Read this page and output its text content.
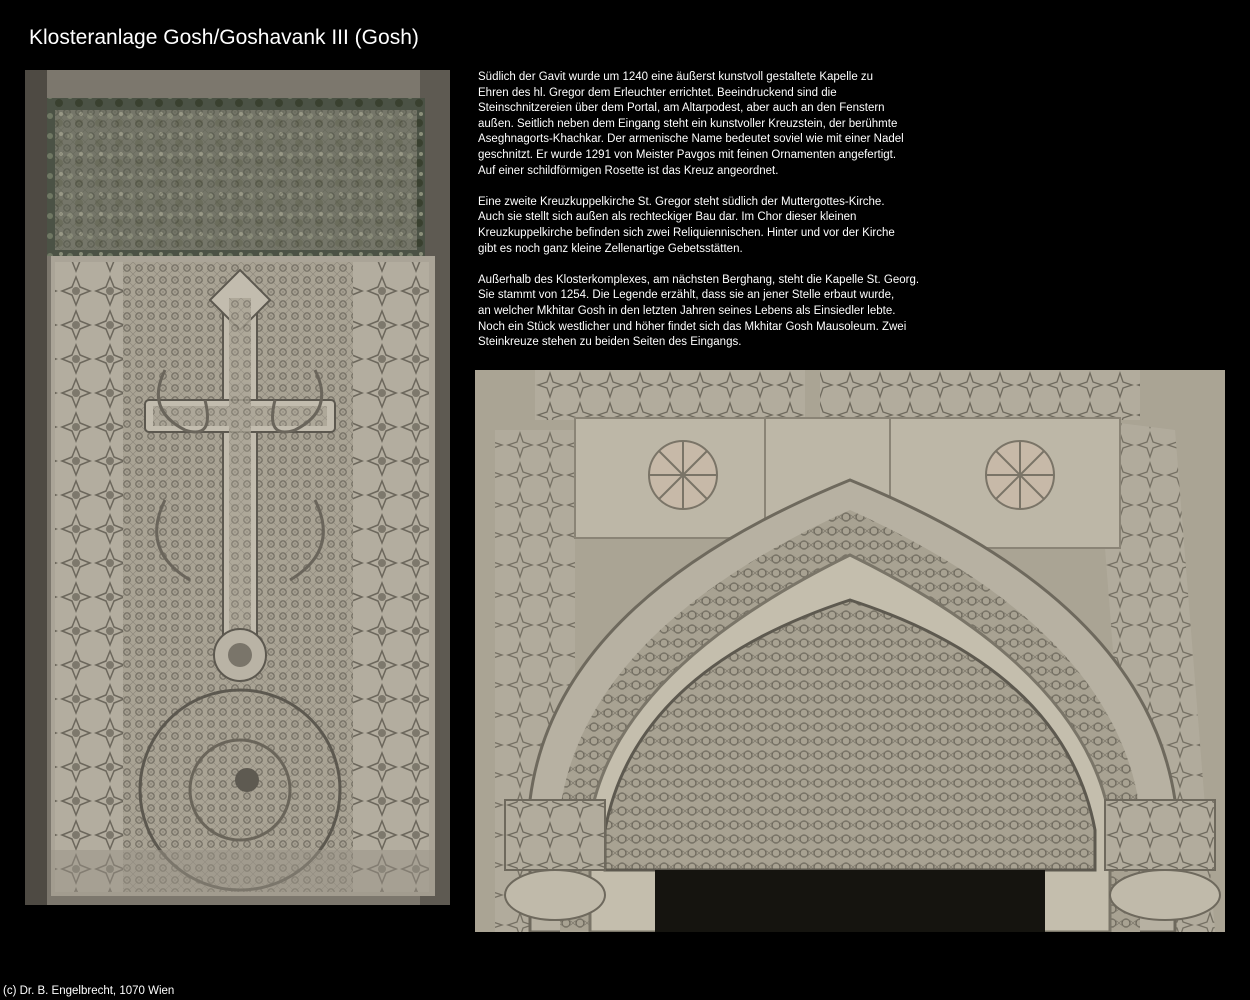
Klosteranlage Gosh/Goshavank III (Gosh)

Südlich der Gavit wurde um 1240 eine äußerst kunstvoll gestaltete Kapelle zu
Ehren des hl. Gregor dem Erleuchter errichtet. Beeindruckend sind die
Steinschnitzereien über dem Portal, am Altarpodest, aber auch an den Fenstern
außen. Seitlich neben dem Eingang steht ein kunstvoller Kreuzstein, der berühmte
Aseghnagorts-Khachkar. Der armenische Name bedeutet soviel wie mit einer Nadel
geschnitzt. Er wurde 1291 von Meister Pavgos mit feinen Ornamenten angefertigt.
Auf einer schildförmigen Rosette ist das Kreuz angeordnet.

Eine zweite Kreuzkuppelkirche St. Gregor steht südlich der Muttergottes-Kirche.
Auch sie stellt sich außen als rechteckiger Bau dar. Im Chor dieser kleinen
Kreuzkuppelkirche befinden sich zwei Reliquiennischen. Hinter und vor der Kirche
gibt es noch ganz kleine Zellenartige Gebetsstätten.

Außerhalb des Klosterkomplexes, am nächsten Berghang, steht die Kapelle St. Georg.
Sie stammt von 1254. Die Legende erzählt, dass sie an jener Stelle erbaut wurde,
an welcher Mkhitar Gosh in den letzten Jahren seines Lebens als Einsiedler lebte.
Noch ein Stück westlicher und höher findet sich das Mkhitar Gosh Mausoleum. Zwei
Steinkreuze stehen zu beiden Seiten des Eingangs.

(c) Dr. B. Engelbrecht, 1070 Wien
